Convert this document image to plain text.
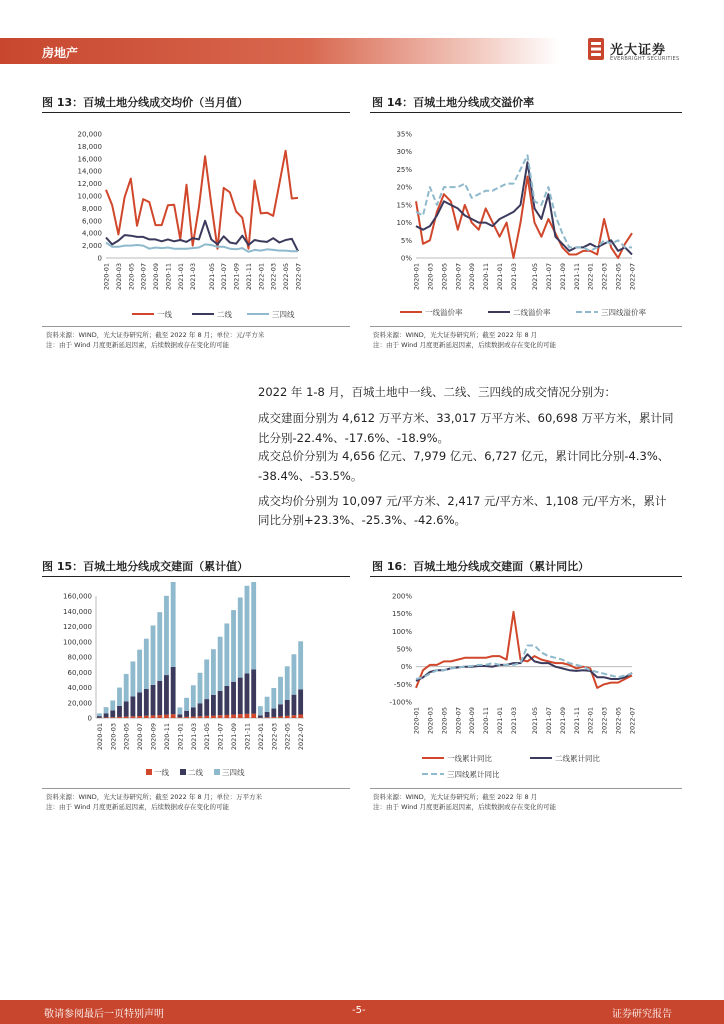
房地产	光大证券
EVERBRIGHT SECURITIES
图 13：百城土地分线成交均价（当月值）
20,000
18,000
16,000
14,000
12,000
10,000
8,000
6,000
4,000
2,000
0
2020-01 2020-03 2020-05 2020-07 2020-09 2020-11 2021-01 2021-03 2021-05 2021-07 2021-09 2021-11 2022-01 2022-03 2022-05 2022-07
一线	二线	三四线
资料来源：WIND，光大证券研究所；截至 2022 年 8 月；单位：元/平方米
注：由于 Wind 月度更新延迟因素，后续数据或存在变化的可能
图 14：百城土地分线成交溢价率
35%
30%
25%
20%
15%
10%
5%
0%
2020-01 2020-03 2020-05 2020-07 2020-09 2020-11 2021-01 2021-03 2021-05 2021-07 2021-09 2021-11 2022-01 2022-03 2022-05 2022-07
一线溢价率	二线溢价率	三四线溢价率
资料来源：WIND，光大证券研究所；截至 2022 年 8 月
注：由于 Wind 月度更新延迟因素，后续数据或存在变化的可能
2022 年 1-8 月，百城土地中一线、二线、三四线的成交情况分别为：
成交建面分别为 4,612 万平方米、33,017 万平方米、60,698 万平方米，累计同
比分别-22.4%、-17.6%、-18.9%。
成交总价分别为 4,656 亿元、7,979 亿元、6,727 亿元，累计同比分别-4.3%、
-38.4%、-53.5%。
成交均价分别为 10,097 元/平方米、2,417 元/平方米、1,108 元/平方米，累计
同比分别+23.3%、-25.3%、-42.6%。
图 15：百城土地分线成交建面（累计值）
160,000
140,000
120,000
100,000
80,000
60,000
40,000
20,000
0
2020-01 2020-03 2020-05 2020-07 2020-09 2020-11 2021-01 2021-03 2021-05 2021-07 2021-09 2021-11 2022-01 2022-03 2022-05 2022-07
一线	二线	三四线
资料来源：WIND，光大证券研究所；截至 2022 年 8 月；单位：万平方米
注：由于 Wind 月度更新延迟因素，后续数据或存在变化的可能
图 16：百城土地分线成交建面（累计同比）
200%
150%
100%
50%
0%
-50%
-100%
2020-01 2020-03 2020-05 2020-07 2020-09 2020-11 2021-01 2021-03 2021-05 2021-07 2021-09 2021-11 2022-01 2022-03 2022-05 2022-07
一线累计同比	二线累计同比
三四线累计同比
资料来源：WIND，光大证券研究所；截至 2022 年 8 月
注：由于 Wind 月度更新延迟因素，后续数据或存在变化的可能
敬请参阅最后一页特别声明	-5-	证券研究报告
